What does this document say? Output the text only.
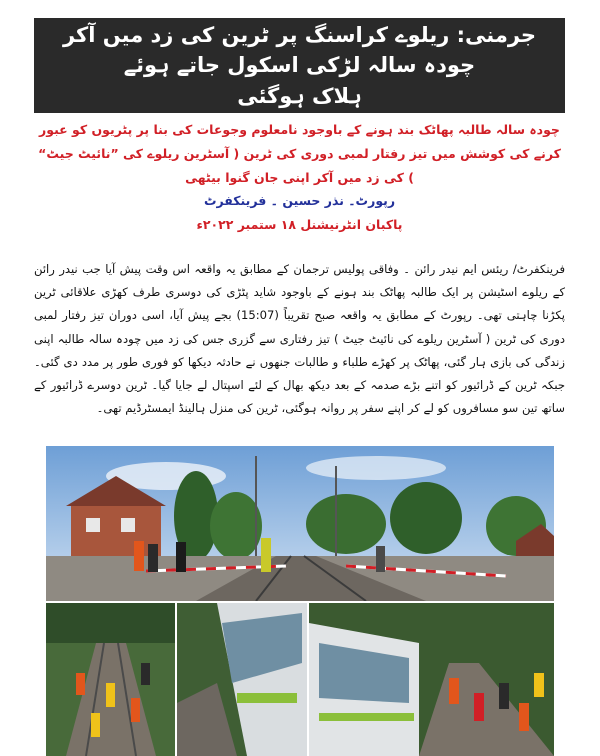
جرمنی: ریلوے کراسنگ پر ٹرین کی زد میں آکر چودہ سالہ لڑکی اسکول جاتے ہوئے
ہلاک ہوگئی
چودہ سالہ طالبہ پھاٹک بند ہونے کے باوجود نامعلوم وجوعات کی بنا پر پٹریوں کو عبور کرنے کی کوشش میں تیز رفتار لمبی دوری کی ٹرین ( آسٹرین ریلوے کی ”نائیٹ جیٹ“ ) کی زد میں آکر اپنی جان گنوا بیٹھی
رپورٹ۔ نذر حسین ۔ فرینکفرٹ
پاکبان انٹرنیشنل ۱۸ ستمبر ۲۰۲۲ء
فرینکفرٹ/ ریئس ایم نیدر رائن ۔ وفاقی پولیس ترجمان کے مطابق یہ واقعہ اس وقت پیش آیا جب نیدر رائن کے ریلوے اسٹیشن پر ایک طالبہ پھاٹک بند ہونے کے باوجود شاید پٹڑی کی دوسری طرف کھڑی علاقائی ٹرین پکڑنا چاہتی تھی۔ رپورٹ کے مطابق یہ واقعہ صبح تقریباً (15:07) بجے پیش آیا، اسی دوران تیز رفتار لمبی دوری کی ٹرین ( آسٹرین ریلوے کی نائیٹ جیٹ ) تیز رفتاری سے گزری جس کی زد میں چودہ سالہ طالبہ اپنی زندگی کی بازی ہار گئی، پھاٹک پر کھڑے طلباء و طالبات جنھوں نے حادثہ دیکھا کو فوری طور پر مدد دی گئی۔ جبکہ ٹرین کے ڈرائیور کو اتنے بڑے صدمہ کے بعد دیکھ بھال کے لئے اسپتال لے جایا گیا۔ ٹرین دوسرے ڈرائیور کے ساتھ تین سو مسافروں کو لے کر اپنے سفر پر روانہ ہوگئی، ٹرین کی منزل ہالینڈ ایمسٹرڈیم تھی۔
